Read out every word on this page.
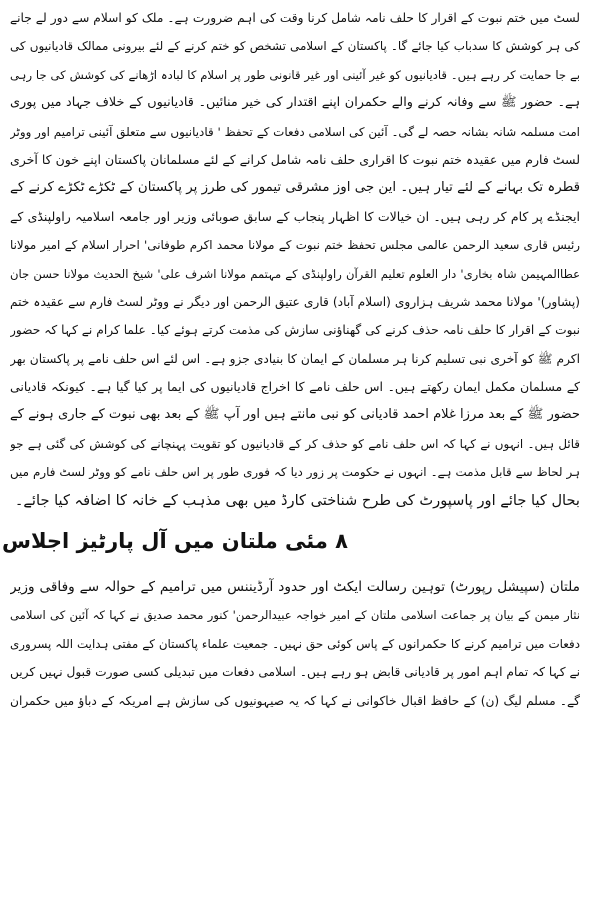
لسٹ میں ختم نبوت کے اقرار کا حلف نامہ شامل کرنا وقت کی اہم ضرورت ہے۔ ملک کو اسلام سے دور لے جانے
کی ہر کوشش کا سدباب کیا جائے گا۔ پاکستان کے اسلامی تشخص کو ختم کرنے کے لئے بیرونی ممالک قادیانیوں کی
بے جا حمایت کر رہے ہیں۔ قادیانیوں کو غیر آئینی اور غیر قانونی طور پر اسلام کا لبادہ اڑھانے کی کوشش کی جا رہی
ہے۔ حضور ﷺ سے وفانہ کرنے والے حکمران اپنے اقتدار کی خیر منائیں۔ قادیانیوں کے خلاف جہاد میں پوری
امت مسلمہ شانہ بشانہ حصہ لے گی۔ آئین کی اسلامی دفعات کے تحفظ ' قادیانیوں سے متعلق آئینی ترامیم اور ووٹر
لسٹ فارم میں عقیدہ ختم نبوت کا اقراری حلف نامہ شامل کرانے کے لئے مسلمانان پاکستان اپنے خون کا آخری
قطرہ تک بہانے کے لئے تیار ہیں۔ این جی اوز مشرقی تیمور کی طرز پر پاکستان کے ٹکڑے ٹکڑے کرنے کے
ایجنڈے پر کام کر رہی ہیں۔ ان خیالات کا اظہار پنجاب کے سابق صوبائی وزیر اور جامعہ اسلامیہ راولپنڈی کے
رئیس قاری سعید الرحمن عالمی مجلس تحفظ ختم نبوت کے مولانا محمد اکرم طوفانی' احرار اسلام کے امیر مولانا
عطاالمہیمن شاہ بخاری' دار العلوم تعلیم القرآن راولپنڈی کے مہتمم مولانا اشرف علی' شیخ الحدیث مولانا حسن جان
(پشاور)' مولانا محمد شریف ہزاروی (اسلام آباد) قاری عتیق الرحمن اور دیگر نے ووٹر لسٹ فارم سے عقیدہ ختم
نبوت کے اقرار کا حلف نامہ حذف کرنے کی گھناؤنی سازش کی مذمت کرتے ہوئے کیا۔ علما کرام نے کہا کہ حضور
اکرم ﷺ کو آخری نبی تسلیم کرنا ہر مسلمان کے ایمان کا بنیادی جزو ہے۔ اس لئے اس حلف نامے پر پاکستان بھر
کے مسلمان مکمل ایمان رکھتے ہیں۔ اس حلف نامے کا اخراج قادیانیوں کی ایما پر کیا گیا ہے۔ کیونکہ قادیانی
حضور ﷺ کے بعد مرزا غلام احمد قادیانی کو نبی مانتے ہیں اور آپ ﷺ کے بعد بھی نبوت کے جاری ہونے کے
قائل ہیں۔ انہوں نے کہا کہ اس حلف نامے کو حذف کر کے قادیانیوں کو تقویت پہنچانے کی کوشش کی گئی ہے جو
ہر لحاظ سے قابل مذمت ہے۔ انہوں نے حکومت پر زور دیا کہ فوری طور پر اس حلف نامے کو ووٹر لسٹ فارم میں
بحال کیا جائے اور پاسپورٹ کی طرح شناختی کارڈ میں بھی مذہب کے خانہ کا اضافہ کیا جائے۔
۸ مئی ملتان میں آل پارٹیز اجلاس
ملتان (سپیشل رپورٹ) توہین رسالت ایکٹ اور حدود آرڈیننس میں ترامیم کے حوالہ سے وفاقی وزیر
نثار میمن کے بیان پر جماعت اسلامی ملتان کے امیر خواجہ عبیدالرحمن' کنور محمد صدیق نے کہا کہ آئین کی اسلامی
دفعات میں ترامیم کرنے کا حکمرانوں کے پاس کوئی حق نہیں۔ جمعیت علماء پاکستان کے مفتی ہدایت اللہ پسروری
نے کہا کہ تمام اہم امور پر قادیانی قابض ہو رہے ہیں۔ اسلامی دفعات میں تبدیلی کسی صورت قبول نہیں کریں
گے۔ مسلم لیگ (ن) کے حافظ اقبال خاکوانی نے کہا کہ یہ صیہونیوں کی سازش ہے امریکہ کے دباؤ میں حکمران
